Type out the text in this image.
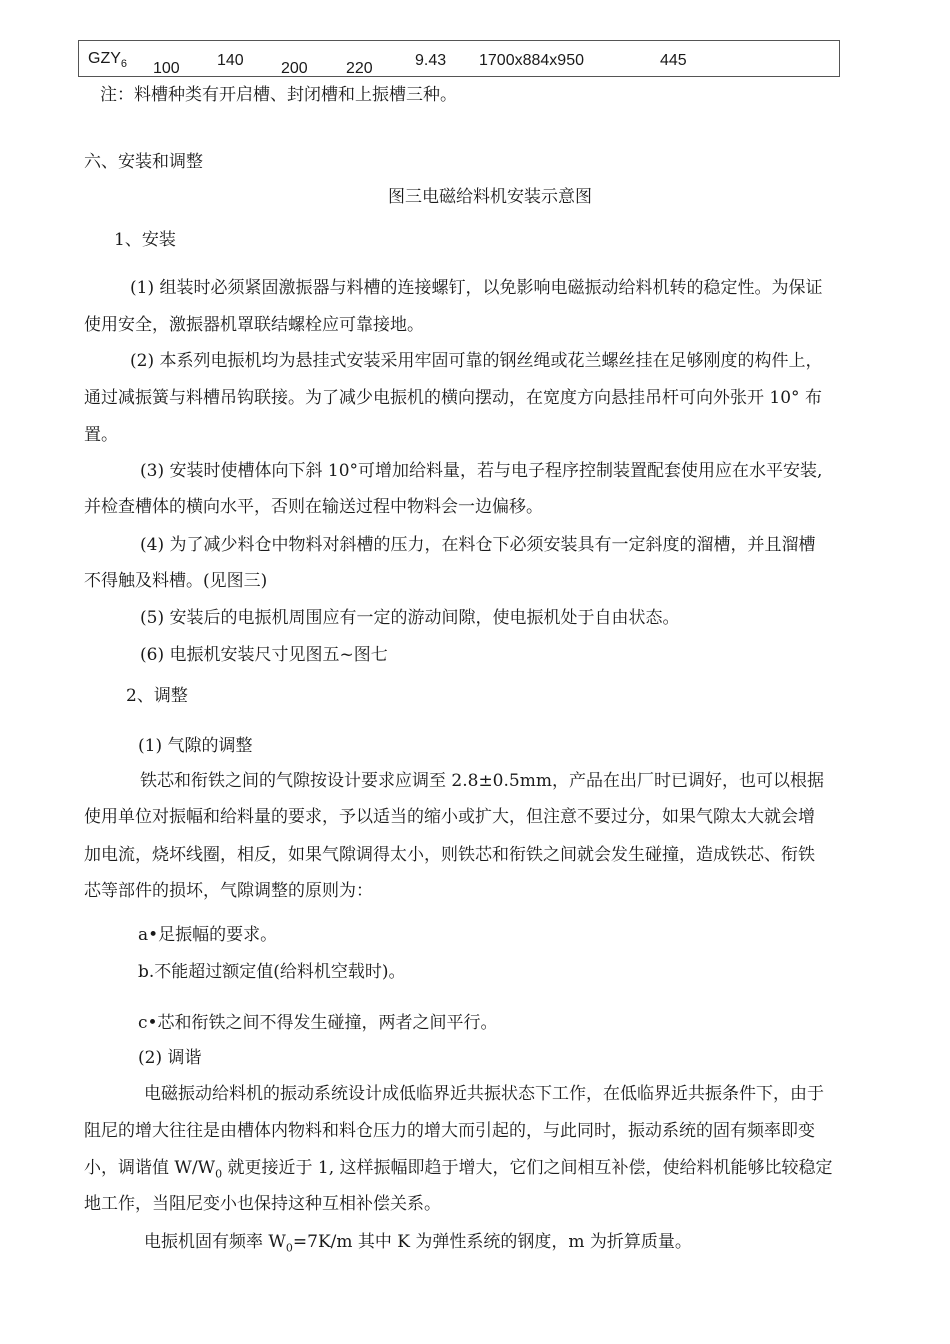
$GZY_6$ 100 140 200 220	9.43 1700x884x950	445
注：料槽种类有开启槽、封闭槽和上振槽三种。
六、安装和调整
图三电磁给料机安装示意图
1、安装
(1) 组装时必须紧固激振器与料槽的连接螺钉，以免影响电磁振动给料机转的稳定性。为保证
使用安全，激振器机罩联结螺栓应可靠接地。
(2) 本系列电振机均为悬挂式安装采用牢固可靠的钢丝绳或花兰螺丝挂在足够刚度的构件上，
通过减振簧与料槽吊钩联接。为了减少电振机的横向摆动，在宽度方向悬挂吊杆可向外张开 10° 布
置。
(3) 安装时使槽体向下斜 10°可增加给料量，若与电子程序控制装置配套使用应在水平安装,
并检查槽体的横向水平，否则在输送过程中物料会一边偏移。
(4) 为了减少料仓中物料对斜槽的压力，在料仓下必须安装具有一定斜度的溜槽，并且溜槽
不得触及料槽。(见图三)
(5) 安装后的电振机周围应有一定的游动间隙，使电振机处于自由状态。
(6) 电振机安装尺寸见图五~图七
2、调整
(1) 气隙的调整
铁芯和衔铁之间的气隙按设计要求应调至 2.8±0.5mm，产品在出厂时已调好，也可以根据
使用单位对振幅和给料量的要求，予以适当的缩小或扩大，但注意不要过分，如果气隙太大就会增
加电流，烧坏线圈，相反，如果气隙调得太小，则铁芯和衔铁之间就会发生碰撞，造成铁芯、衔铁
芯等部件的损坏，气隙调整的原则为：
a•足振幅的要求。
b.不能超过额定值(给料机空载时)。
c•芯和衔铁之间不得发生碰撞，两者之间平行。
(2) 调谐
电磁振动给料机的振动系统设计成低临界近共振状态下工作，在低临界近共振条件下，由于
阻尼的增大往往是由槽体内物料和料仓压力的增大而引起的，与此同时，振动系统的固有频率即变
小，调谐值 $W/W_0$ 就更接近于 1, 这样振幅即趋于增大，它们之间相互补偿，使给料机能够比较稳定
地工作，当阻尼变小也保持这种互相补偿关系。
电振机固有频率 $W_0=7K/m$ 其中 K 为弹性系统的钢度，m 为折算质量。
